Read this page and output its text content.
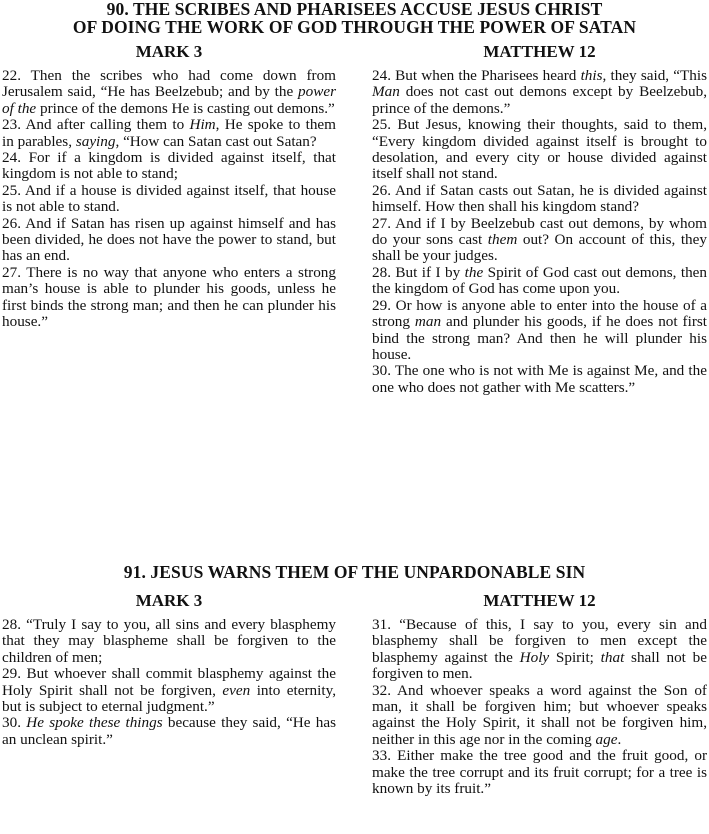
90. THE SCRIBES AND PHARISEES ACCUSE JESUS CHRIST

OF DOING THE WORK OF GOD THROUGH THE POWER OF SATAN

MARK 3

22. Then the scribes who had come down from Jerusalem said, “He has Beelzebub; and by the power of the prince of the demons He is casting out demons.”

23. And after calling them to Him, He spoke to them in parables, saying, “How can Satan cast out Satan?

24. For if a kingdom is divided against itself, that kingdom is not able to stand;

25. And if a house is divided against itself, that house is not able to stand.

26. And if Satan has risen up against himself and has been divided, he does not have the power to stand, but has an end.

27. There is no way that anyone who enters a strong man’s house is able to plunder his goods, unless he first binds the strong man; and then he can plunder his house.”

MATTHEW 12

24. But when the Pharisees heard this, they said, “This Man does not cast out demons except by Beelzebub, prince of the demons.”

25. But Jesus, knowing their thoughts, said to them, “Every kingdom divided against itself is brought to desolation, and every city or house divided against itself shall not stand.

26. And if Satan casts out Satan, he is divided against himself. How then shall his kingdom stand?

27. And if I by Beelzebub cast out demons, by whom do your sons cast them out? On account of this, they shall be your judges.

28. But if I by the Spirit of God cast out demons, then the kingdom of God has come upon you.

29. Or how is anyone able to enter into the house of a strong man and plunder his goods, if he does not first bind the strong man? And then he will plunder his house.

30. The one who is not with Me is against Me, and the one who does not gather with Me scatters.”

91. JESUS WARNS THEM OF THE UNPARDONABLE SIN

MARK 3

28. “Truly I say to you, all sins and every blasphemy that they may blaspheme shall be forgiven to the children of men;

29. But whoever shall commit blasphemy against the Holy Spirit shall not be forgiven, even into eternity, but is subject to eternal judgment.”

30. He spoke these things because they said, “He has an unclean spirit.”

MATTHEW 12

31. “Because of this, I say to you, every sin and blasphemy shall be forgiven to men except the blasphemy against the Holy Spirit; that shall not be forgiven to men.

32. And whoever speaks a word against the Son of man, it shall be forgiven him; but whoever speaks against the Holy Spirit, it shall not be forgiven him, neither in this age nor in the coming age.

33. Either make the tree good and the fruit good, or make the tree corrupt and its fruit corrupt; for a tree is known by its fruit.”
